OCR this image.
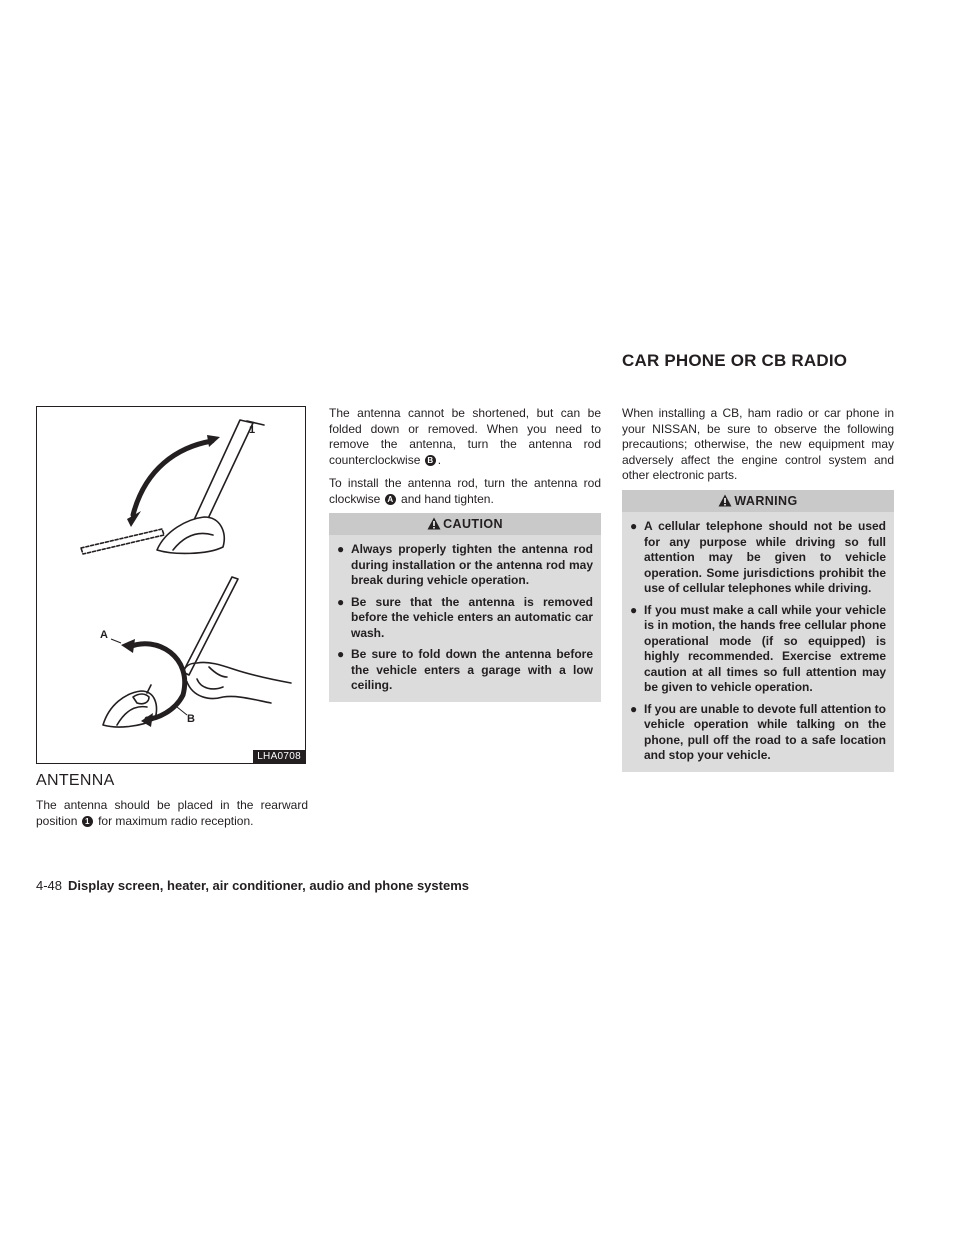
CAR PHONE OR CB RADIO
1
A
B
LHA0708
ANTENNA
The antenna should be placed in the rearward position 1 for maximum radio reception.
The antenna cannot be shortened, but can be folded down or removed. When you need to remove the antenna, turn the antenna rod counterclockwise B .
To install the antenna rod, turn the antenna rod clockwise A and hand tighten.
CAUTION
● Always properly tighten the antenna rod during installation or the antenna rod may break during vehicle operation.
● Be sure that the antenna is removed before the vehicle enters an automatic car wash.
● Be sure to fold down the antenna before the vehicle enters a garage with a low ceiling.
When installing a CB, ham radio or car phone in your NISSAN, be sure to observe the following precautions; otherwise, the new equipment may adversely affect the engine control system and other electronic parts.
WARNING
● A cellular telephone should not be used for any purpose while driving so full attention may be given to vehicle operation. Some jurisdictions prohibit the use of cellular telephones while driving.
● If you must make a call while your vehicle is in motion, the hands free cellular phone operational mode (if so equipped) is highly recommended. Exercise extreme caution at all times so full attention may be given to vehicle operation.
● If you are unable to devote full attention to vehicle operation while talking on the phone, pull off the road to a safe location and stop your vehicle.
4-48 Display screen, heater, air conditioner, audio and phone systems
